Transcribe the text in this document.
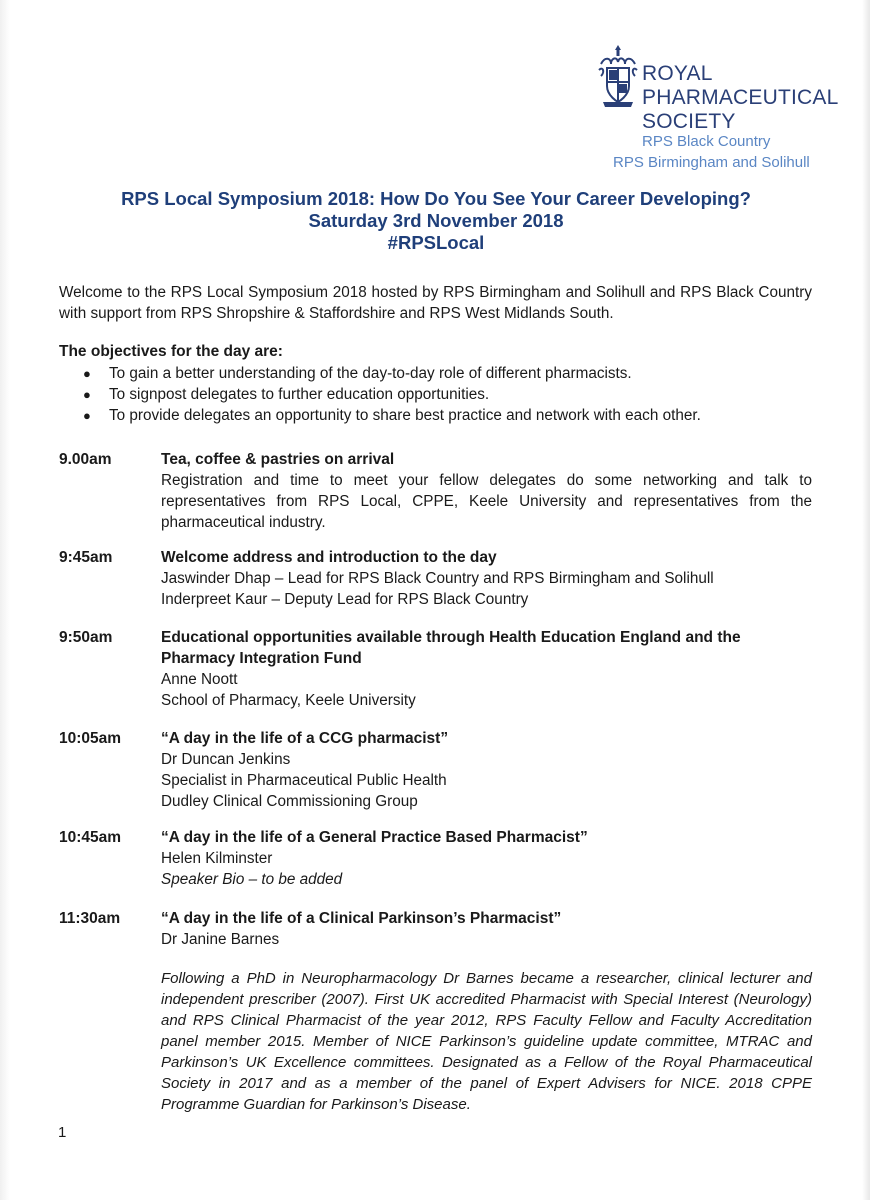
ROYAL
PHARMACEUTICAL
SOCIETY
RPS Black Country
RPS Birmingham and Solihull
RPS Local Symposium 2018: How Do You See Your Career Developing?
Saturday 3rd November 2018
#RPSLocal
Welcome to the RPS Local Symposium 2018 hosted by RPS Birmingham and Solihull and RPS Black Country with support from RPS Shropshire & Staffordshire and RPS West Midlands South.
The objectives for the day are:
● To gain a better understanding of the day-to-day role of different pharmacists.
● To signpost delegates to further education opportunities.
● To provide delegates an opportunity to share best practice and network with each other.
9.00am	Tea, coffee & pastries on arrival
Registration and time to meet your fellow delegates do some networking and talk to representatives from RPS Local, CPPE, Keele University and representatives from the pharmaceutical industry.
9:45am	Welcome address and introduction to the day
Jaswinder Dhap – Lead for RPS Black Country and RPS Birmingham and Solihull
Inderpreet Kaur – Deputy Lead for RPS Black Country
9:50am	Educational opportunities available through Health Education England and the Pharmacy Integration Fund
Anne Noott
School of Pharmacy, Keele University
10:05am	“A day in the life of a CCG pharmacist”
Dr Duncan Jenkins
Specialist in Pharmaceutical Public Health
Dudley Clinical Commissioning Group
10:45am	“A day in the life of a General Practice Based Pharmacist”
Helen Kilminster
Speaker Bio – to be added
11:30am	“A day in the life of a Clinical Parkinson’s Pharmacist”
Dr Janine Barnes
Following a PhD in Neuropharmacology Dr Barnes became a researcher, clinical lecturer and independent prescriber (2007). First UK accredited Pharmacist with Special Interest (Neurology) and RPS Clinical Pharmacist of the year 2012, RPS Faculty Fellow and Faculty Accreditation panel member 2015. Member of NICE Parkinson’s guideline update committee, MTRAC and Parkinson’s UK Excellence committees. Designated as a Fellow of the Royal Pharmaceutical Society in 2017 and as a member of the panel of Expert Advisers for NICE. 2018 CPPE Programme Guardian for Parkinson’s Disease.
1
